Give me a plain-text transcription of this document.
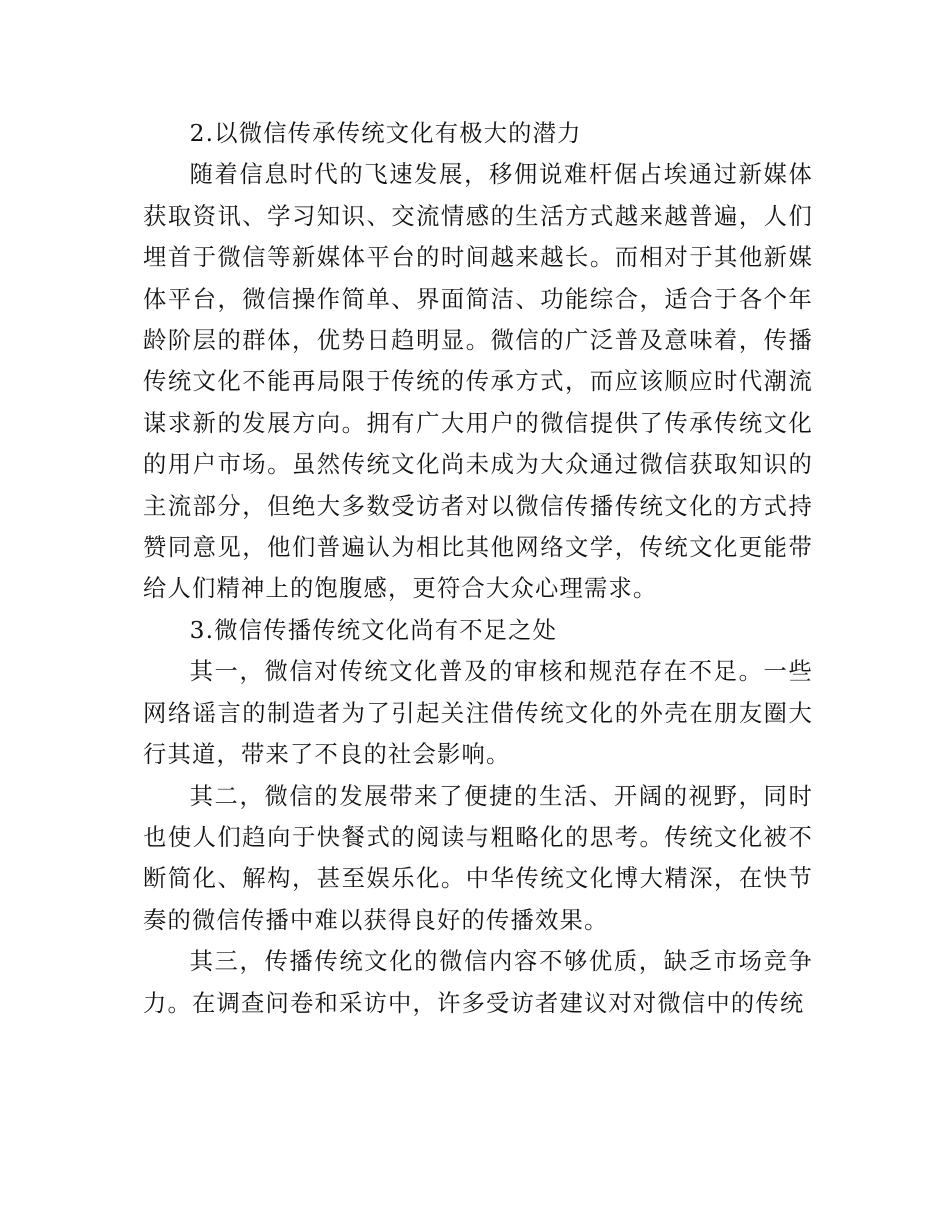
2.以微信传承传统文化有极大的潜力

随着信息时代的飞速发展，移佣说难杆倨占埃通过新媒体获取资讯、学习知识、交流情感的生活方式越来越普遍，人们埋首于微信等新媒体平台的时间越来越长。而相对于其他新媒体平台，微信操作简单、界面简洁、功能综合，适合于各个年龄阶层的群体，优势日趋明显。微信的广泛普及意味着，传播传统文化不能再局限于传统的传承方式，而应该顺应时代潮流谋求新的发展方向。拥有广大用户的微信提供了传承传统文化的用户市场。虽然传统文化尚未成为大众通过微信获取知识的主流部分，但绝大多数受访者对以微信传播传统文化的方式持赞同意见，他们普遍认为相比其他网络文学，传统文化更能带给人们精神上的饱腹感，更符合大众心理需求。

3.微信传播传统文化尚有不足之处

其一，微信对传统文化普及的审核和规范存在不足。一些网络谣言的制造者为了引起关注借传统文化的外壳在朋友圈大行其道，带来了不良的社会影响。

其二，微信的发展带来了便捷的生活、开阔的视野，同时也使人们趋向于快餐式的阅读与粗略化的思考。传统文化被不断简化、解构，甚至娱乐化。中华传统文化博大精深，在快节奏的微信传播中难以获得良好的传播效果。

其三，传播传统文化的微信内容不够优质，缺乏市场竞争力。在调查问卷和采访中，许多受访者建议对对微信中的传统
